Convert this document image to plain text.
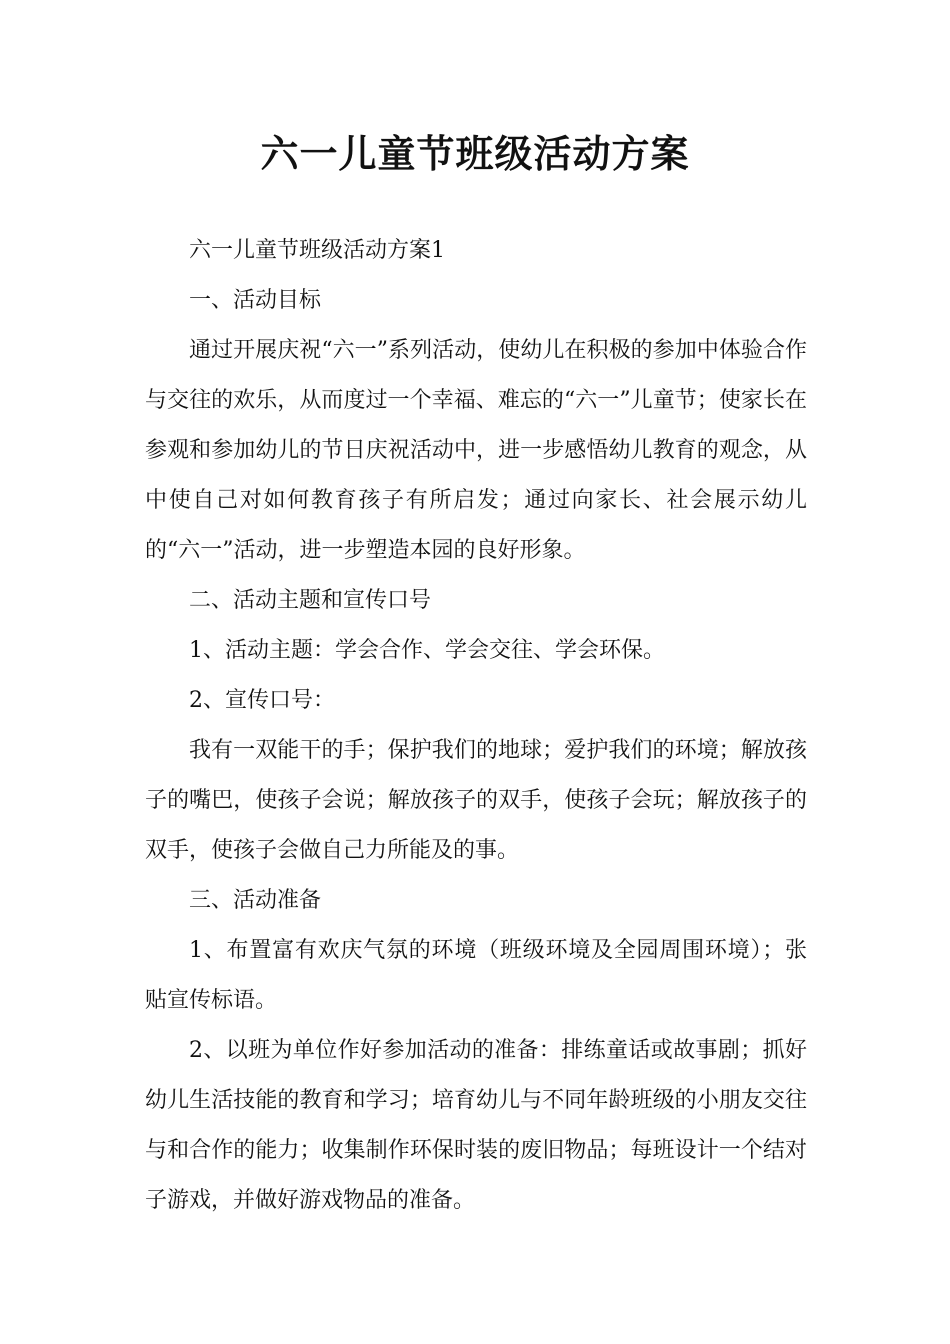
六一儿童节班级活动方案

六一儿童节班级活动方案1

一、活动目标

通过开展庆祝“六一”系列活动，使幼儿在积极的参加中体验合作与交往的欢乐，从而度过一个幸福、难忘的“六一”儿童节；使家长在参观和参加幼儿的节日庆祝活动中，进一步感悟幼儿教育的观念，从中使自己对如何教育孩子有所启发；通过向家长、社会展示幼儿的“六一”活动，进一步塑造本园的良好形象。

二、活动主题和宣传口号

1、活动主题：学会合作、学会交往、学会环保。

2、宣传口号：

我有一双能干的手；保护我们的地球；爱护我们的环境；解放孩子的嘴巴，使孩子会说；解放孩子的双手，使孩子会玩；解放孩子的双手，使孩子会做自己力所能及的事。

三、活动准备

1、布置富有欢庆气氛的环境（班级环境及全园周围环境）；张贴宣传标语。

2、以班为单位作好参加活动的准备：排练童话或故事剧；抓好幼儿生活技能的教育和学习；培育幼儿与不同年龄班级的小朋友交往与和合作的能力；收集制作环保时装的废旧物品；每班设计一个结对子游戏，并做好游戏物品的准备。
